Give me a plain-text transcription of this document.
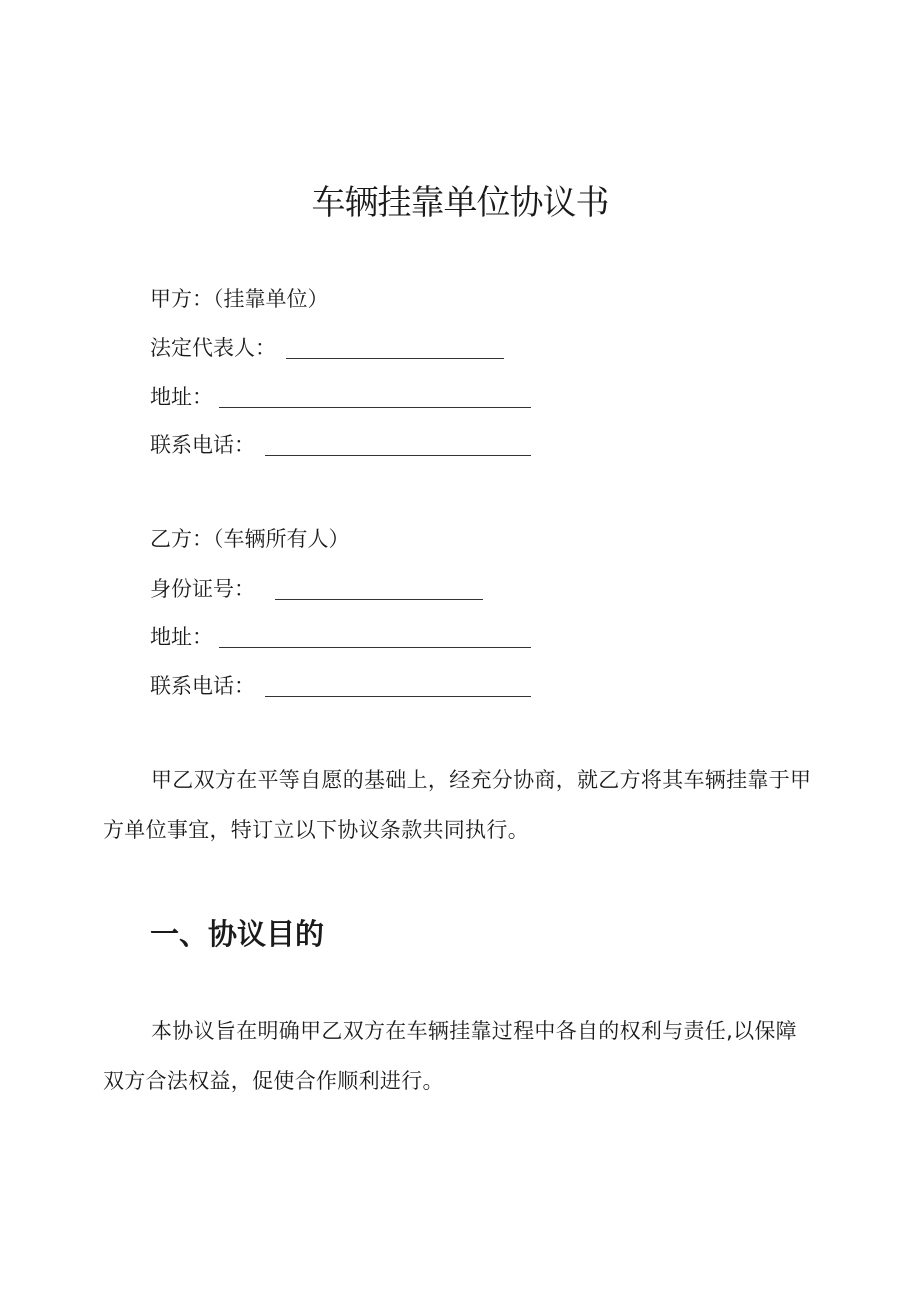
车辆挂靠单位协议书
甲方：（挂靠单位）
法定代表人：
地址：
联系电话：
乙方：（车辆所有人）
身份证号：
地址：
联系电话：
甲乙双方在平等自愿的基础上，经充分协商，就乙方将其车辆挂靠于甲方单位事宜，特订立以下协议条款共同执行。
一、协议目的
本协议旨在明确甲乙双方在车辆挂靠过程中各自的权利与责任,以保障双方合法权益，促使合作顺利进行。
